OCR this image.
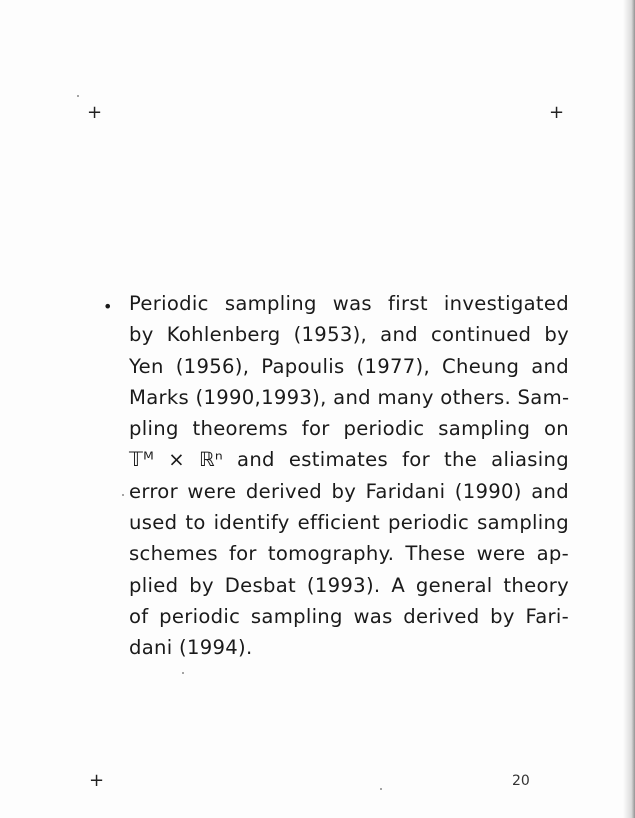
+	+
+
• Periodic sampling was first investigated
by Kohlenberg (1953), and continued by
Yen (1956), Papoulis (1977), Cheung and
Marks (1990,1993), and many others. Sam-
pling theorems for periodic sampling on
𝕋ᴹ × ℝⁿ and estimates for the aliasing
error were derived by Faridani (1990) and
used to identify efficient periodic sampling
schemes for tomography. These were ap-
plied by Desbat (1993). A general theory
of periodic sampling was derived by Fari-
dani (1994).
20
